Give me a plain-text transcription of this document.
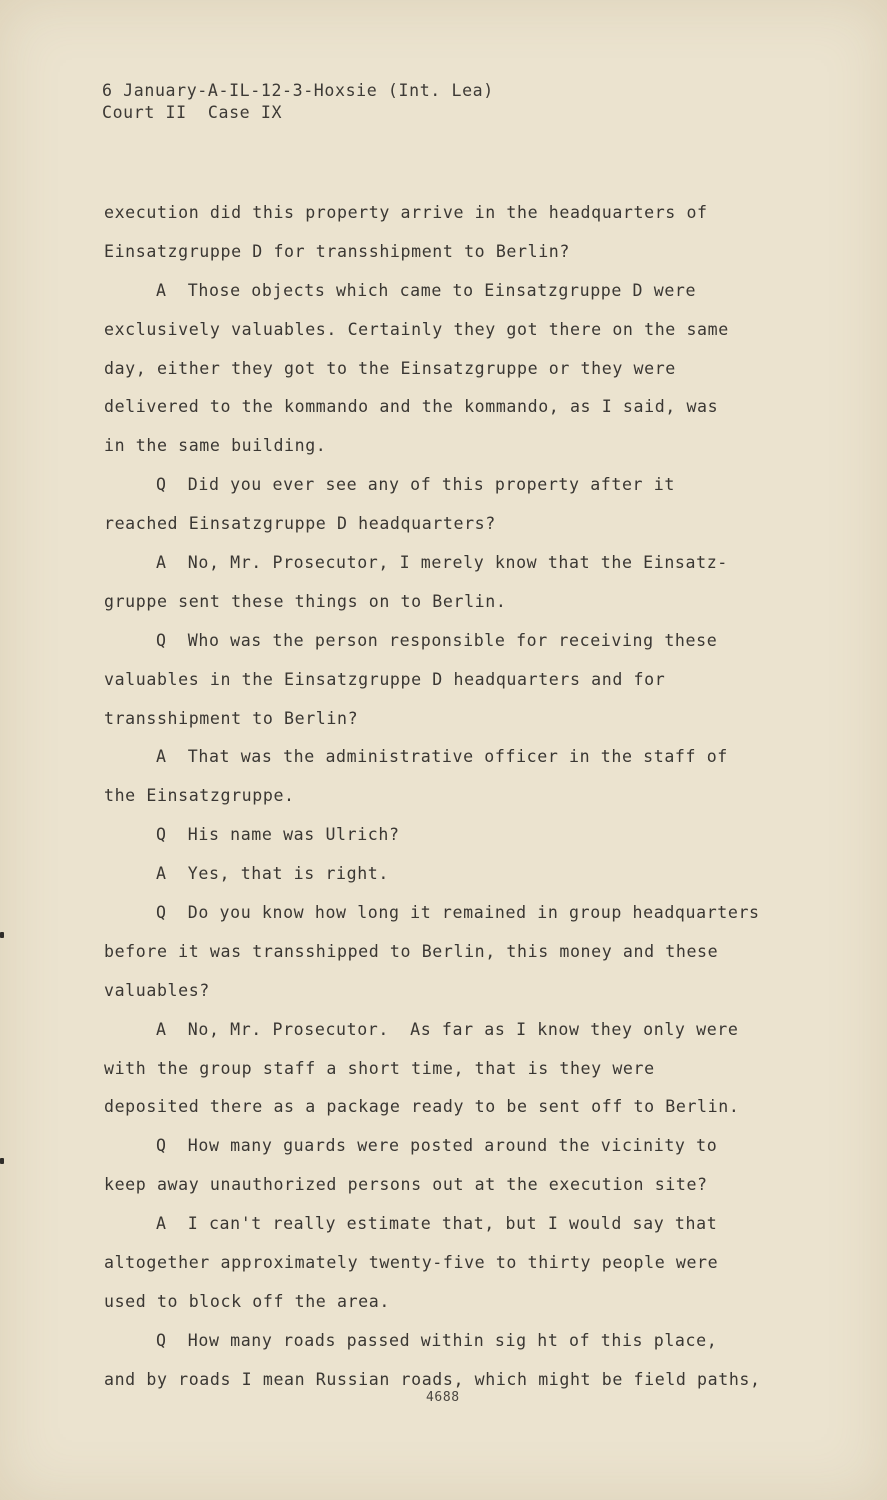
6 January-A-IL-12-3-Hoxsie (Int. Lea)
Court II  Case IX
execution did this property arrive in the headquarters of
Einsatzgruppe D for transshipment to Berlin?
A  Those objects which came to Einsatzgruppe D were
exclusively valuables. Certainly they got there on the same
day, either they got to the Einsatzgruppe or they were
delivered to the kommando and the kommando, as I said, was
in the same building.
Q  Did you ever see any of this property after it
reached Einsatzgruppe D headquarters?
A  No, Mr. Prosecutor, I merely know that the Einsatz-
gruppe sent these things on to Berlin.
Q  Who was the person responsible for receiving these
valuables in the Einsatzgruppe D headquarters and for
transshipment to Berlin?
A  That was the administrative officer in the staff of
the Einsatzgruppe.
Q  His name was Ulrich?
A  Yes, that is right.
Q  Do you know how long it remained in group headquarters
before it was transshipped to Berlin, this money and these
valuables?
A  No, Mr. Prosecutor.  As far as I know they only were
with the group staff a short time, that is they were
deposited there as a package ready to be sent off to Berlin.
Q  How many guards were posted around the vicinity to
keep away unauthorized persons out at the execution site?
A  I can't really estimate that, but I would say that
altogether approximately twenty-five to thirty people were
used to block off the area.
Q  How many roads passed within sig ht of this place,
and by roads I mean Russian roads, which might be field paths,
4688
